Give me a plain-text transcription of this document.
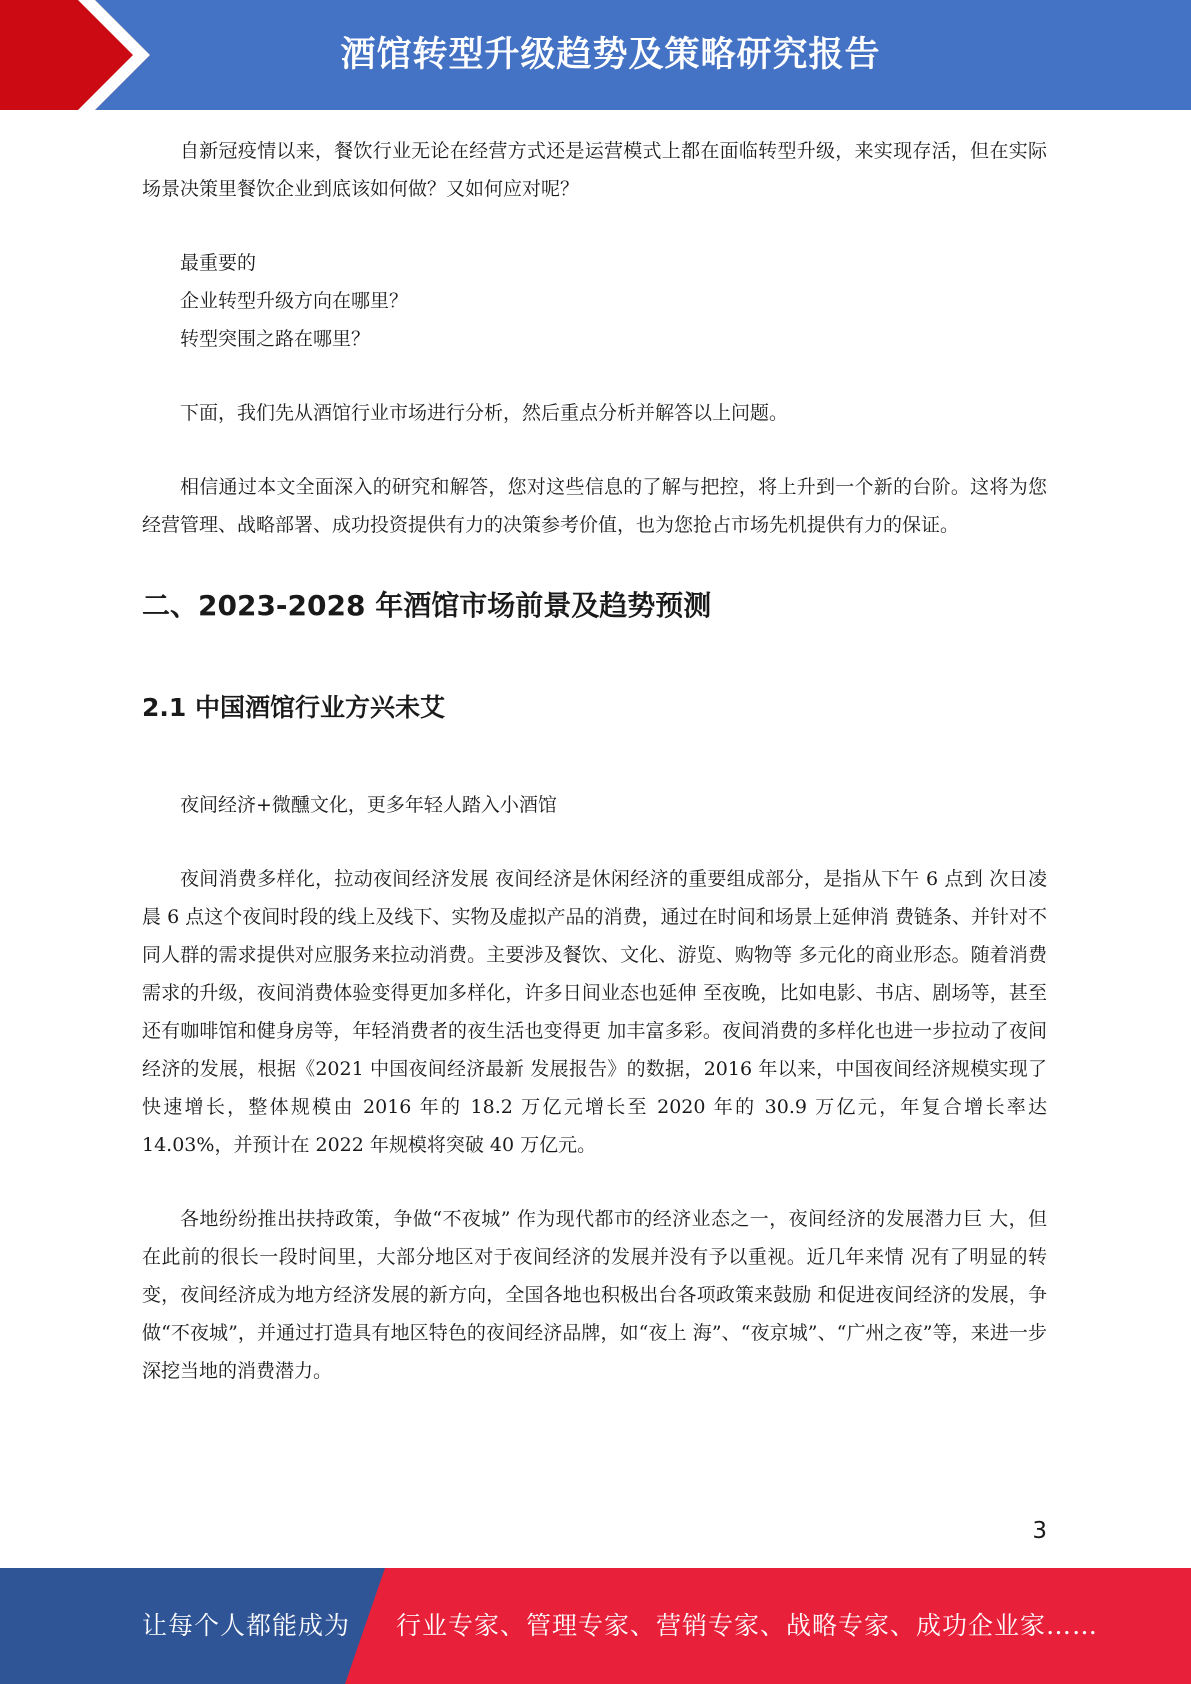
酒馆转型升级趋势及策略研究报告

自新冠疫情以来，餐饮行业无论在经营方式还是运营模式上都在面临转型升级，来实现存活，但在实际场景决策里餐饮企业到底该如何做？又如何应对呢？

最重要的

企业转型升级方向在哪里？

转型突围之路在哪里？

下面，我们先从酒馆行业市场进行分析，然后重点分析并解答以上问题。

相信通过本文全面深入的研究和解答，您对这些信息的了解与把控，将上升到一个新的台阶。这将为您经营管理、战略部署、成功投资提供有力的决策参考价值，也为您抢占市场先机提供有力的保证。

二、2023-2028 年酒馆市场前景及趋势预测
2.1 中国酒馆行业方兴未艾

夜间经济+微醺文化，更多年轻人踏入小酒馆

夜间消费多样化，拉动夜间经济发展 夜间经济是休闲经济的重要组成部分，是指从下午 6 点到 次日凌晨 6 点这个夜间时段的线上及线下、实物及虚拟产品的消费，通过在时间和场景上延伸消 费链条、并针对不同人群的需求提供对应服务来拉动消费。主要涉及餐饮、文化、游览、购物等 多元化的商业形态。随着消费需求的升级，夜间消费体验变得更加多样化，许多日间业态也延伸 至夜晚，比如电影、书店、剧场等，甚至还有咖啡馆和健身房等，年轻消费者的夜生活也变得更 加丰富多彩。夜间消费的多样化也进一步拉动了夜间经济的发展，根据《2021 中国夜间经济最新 发展报告》的数据，2016 年以来，中国夜间经济规模实现了快速增长，整体规模由 2016 年的 18.2 万亿元增长至 2020 年的 30.9 万亿元，年复合增长率达 14.03%，并预计在 2022 年规模将突破 40 万亿元。

各地纷纷推出扶持政策，争做“不夜城” 作为现代都市的经济业态之一，夜间经济的发展潜力巨 大，但在此前的很长一段时间里，大部分地区对于夜间经济的发展并没有予以重视。近几年来情 况有了明显的转变，夜间经济成为地方经济发展的新方向，全国各地也积极出台各项政策来鼓励 和促进夜间经济的发展，争做“不夜城”，并通过打造具有地区特色的夜间经济品牌，如“夜上 海”、“夜京城”、“广州之夜”等，来进一步深挖当地的消费潜力。

3
让每个人都能成为 行业专家、管理专家、营销专家、战略专家、成功企业家……
